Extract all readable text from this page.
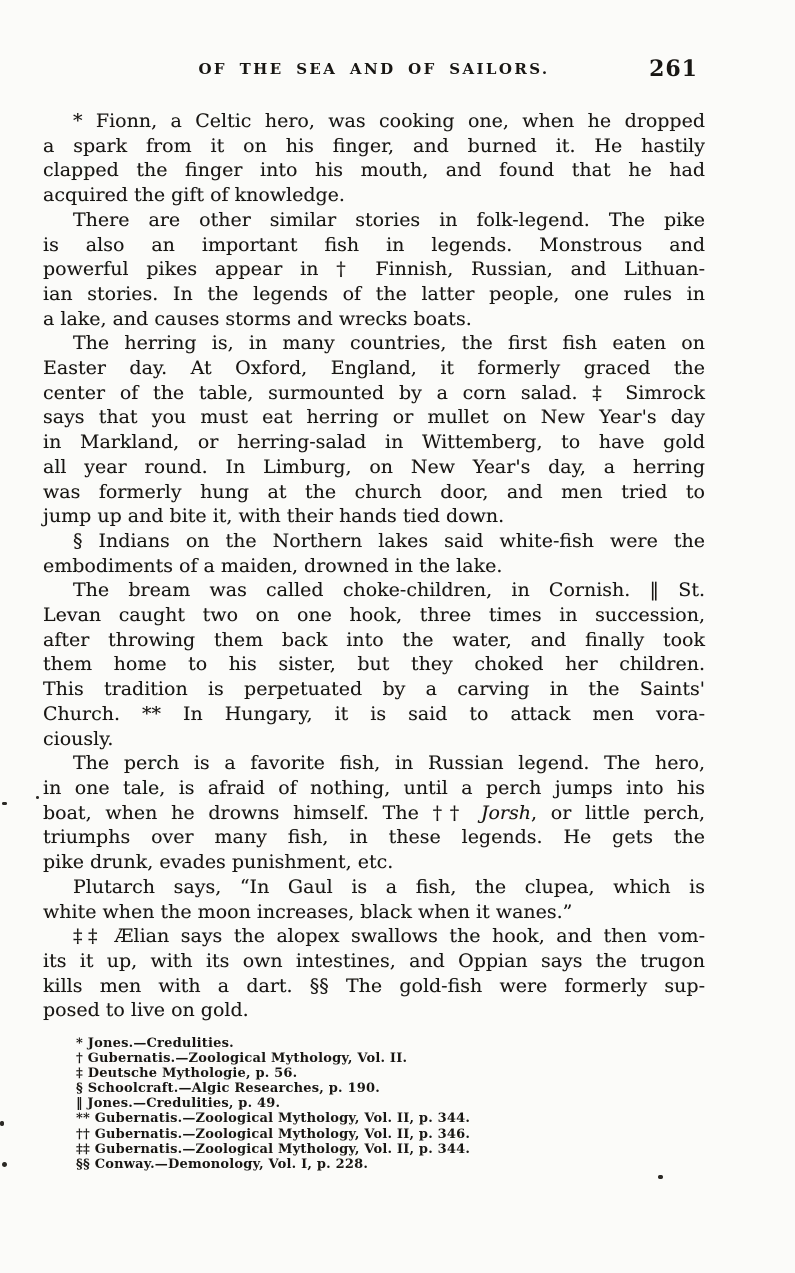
OF THE SEA AND OF SAILORS.	261
* Fionn, a Celtic hero, was cooking one, when he dropped
a spark from it on his finger, and burned it. He hastily
clapped the finger into his mouth, and found that he had
acquired the gift of knowledge.
There are other similar stories in folk-legend. The pike
is also an important fish in legends. Monstrous and
powerful pikes appear in † Finnish, Russian, and Lithuan-
ian stories. In the legends of the latter people, one rules in
a lake, and causes storms and wrecks boats.
The herring is, in many countries, the first fish eaten on
Easter day. At Oxford, England, it formerly graced the
center of the table, surmounted by a corn salad. ‡ Simrock
says that you must eat herring or mullet on New Year's day
in Markland, or herring-salad in Wittemberg, to have gold
all year round. In Limburg, on New Year's day, a herring
was formerly hung at the church door, and men tried to
jump up and bite it, with their hands tied down.
§ Indians on the Northern lakes said white-fish were the
embodiments of a maiden, drowned in the lake.
The bream was called choke-children, in Cornish. ‖ St.
Levan caught two on one hook, three times in succession,
after throwing them back into the water, and finally took
them home to his sister, but they choked her children.
This tradition is perpetuated by a carving in the Saints'
Church. ** In Hungary, it is said to attack men vora-
ciously.
The perch is a favorite fish, in Russian legend. The hero,
in one tale, is afraid of nothing, until a perch jumps into his
boat, when he drowns himself. The †† Jorsh, or little perch,
triumphs over many fish, in these legends. He gets the
pike drunk, evades punishment, etc.
Plutarch says, “In Gaul is a fish, the clupea, which is
white when the moon increases, black when it wanes.”
‡‡ Ælian says the alopex swallows the hook, and then vom-
its it up, with its own intestines, and Oppian says the trugon
kills men with a dart. §§ The gold-fish were formerly sup-
posed to live on gold.
* Jones.—Credulities.
† Gubernatis.—Zoological Mythology, Vol. II.
‡ Deutsche Mythologie, p. 56.
§ Schoolcraft.—Algic Researches, p. 190.
‖ Jones.—Credulities, p. 49.
** Gubernatis.—Zoological Mythology, Vol. II, p. 344.
†† Gubernatis.—Zoological Mythology, Vol. II, p. 346.
‡‡ Gubernatis.—Zoological Mythology, Vol. II, p. 344.
§§ Conway.—Demonology, Vol. I, p. 228.
